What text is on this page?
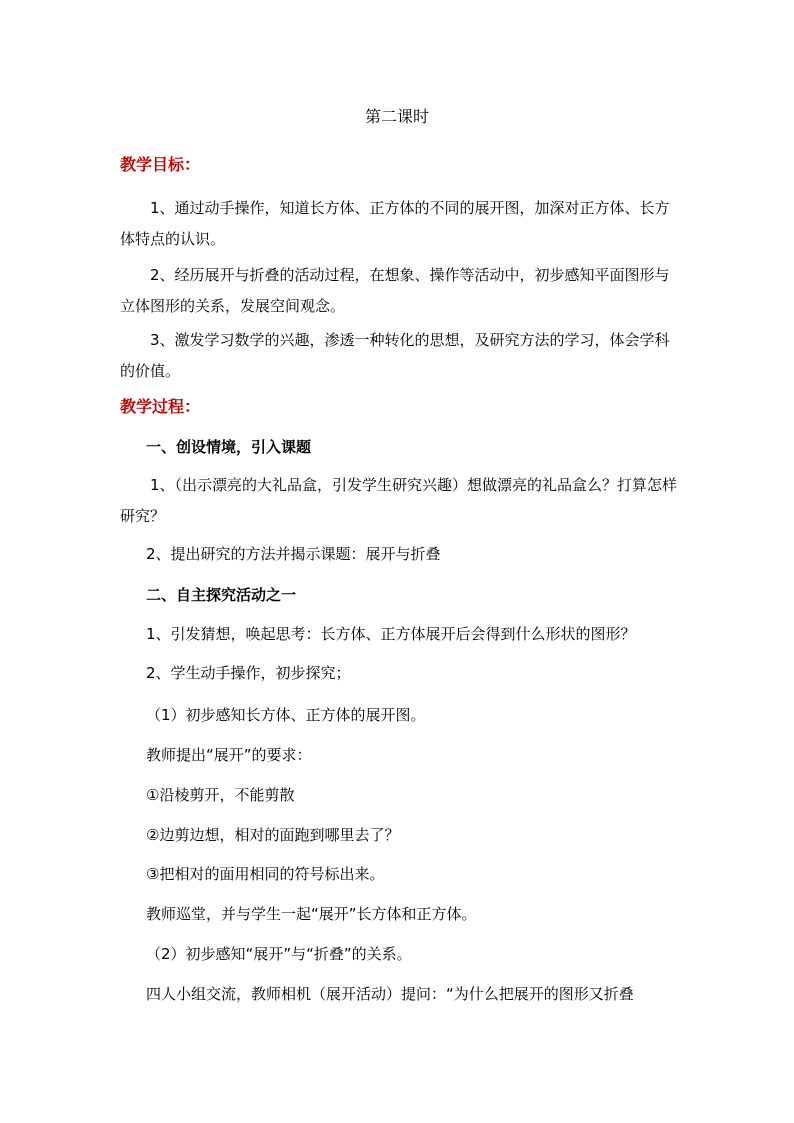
第二课时
教学目标：
1、通过动手操作，知道长方体、正方体的不同的展开图，加深对正方体、长方体特点的认识。
2、经历展开与折叠的活动过程，在想象、操作等活动中，初步感知平面图形与立体图形的关系，发展空间观念。
3、激发学习数学的兴趣，渗透一种转化的思想，及研究方法的学习，体会学科的价值。
教学过程：
一、创设情境，引入课题
1、（出示漂亮的大礼品盒，引发学生研究兴趣）想做漂亮的礼品盒么？打算怎样研究？
2、提出研究的方法并揭示课题：展开与折叠
二、自主探究活动之一
1、引发猜想，唤起思考：长方体、正方体展开后会得到什么形状的图形？
2、学生动手操作，初步探究；
（1）初步感知长方体、正方体的展开图。
教师提出“展开”的要求：
①沿棱剪开，不能剪散
②边剪边想，相对的面跑到哪里去了？
③把相对的面用相同的符号标出来。
教师巡堂，并与学生一起“展开”长方体和正方体。
（2）初步感知“展开”与“折叠”的关系。
四人小组交流，教师相机（展开活动）提问：“为什么把展开的图形又折叠
